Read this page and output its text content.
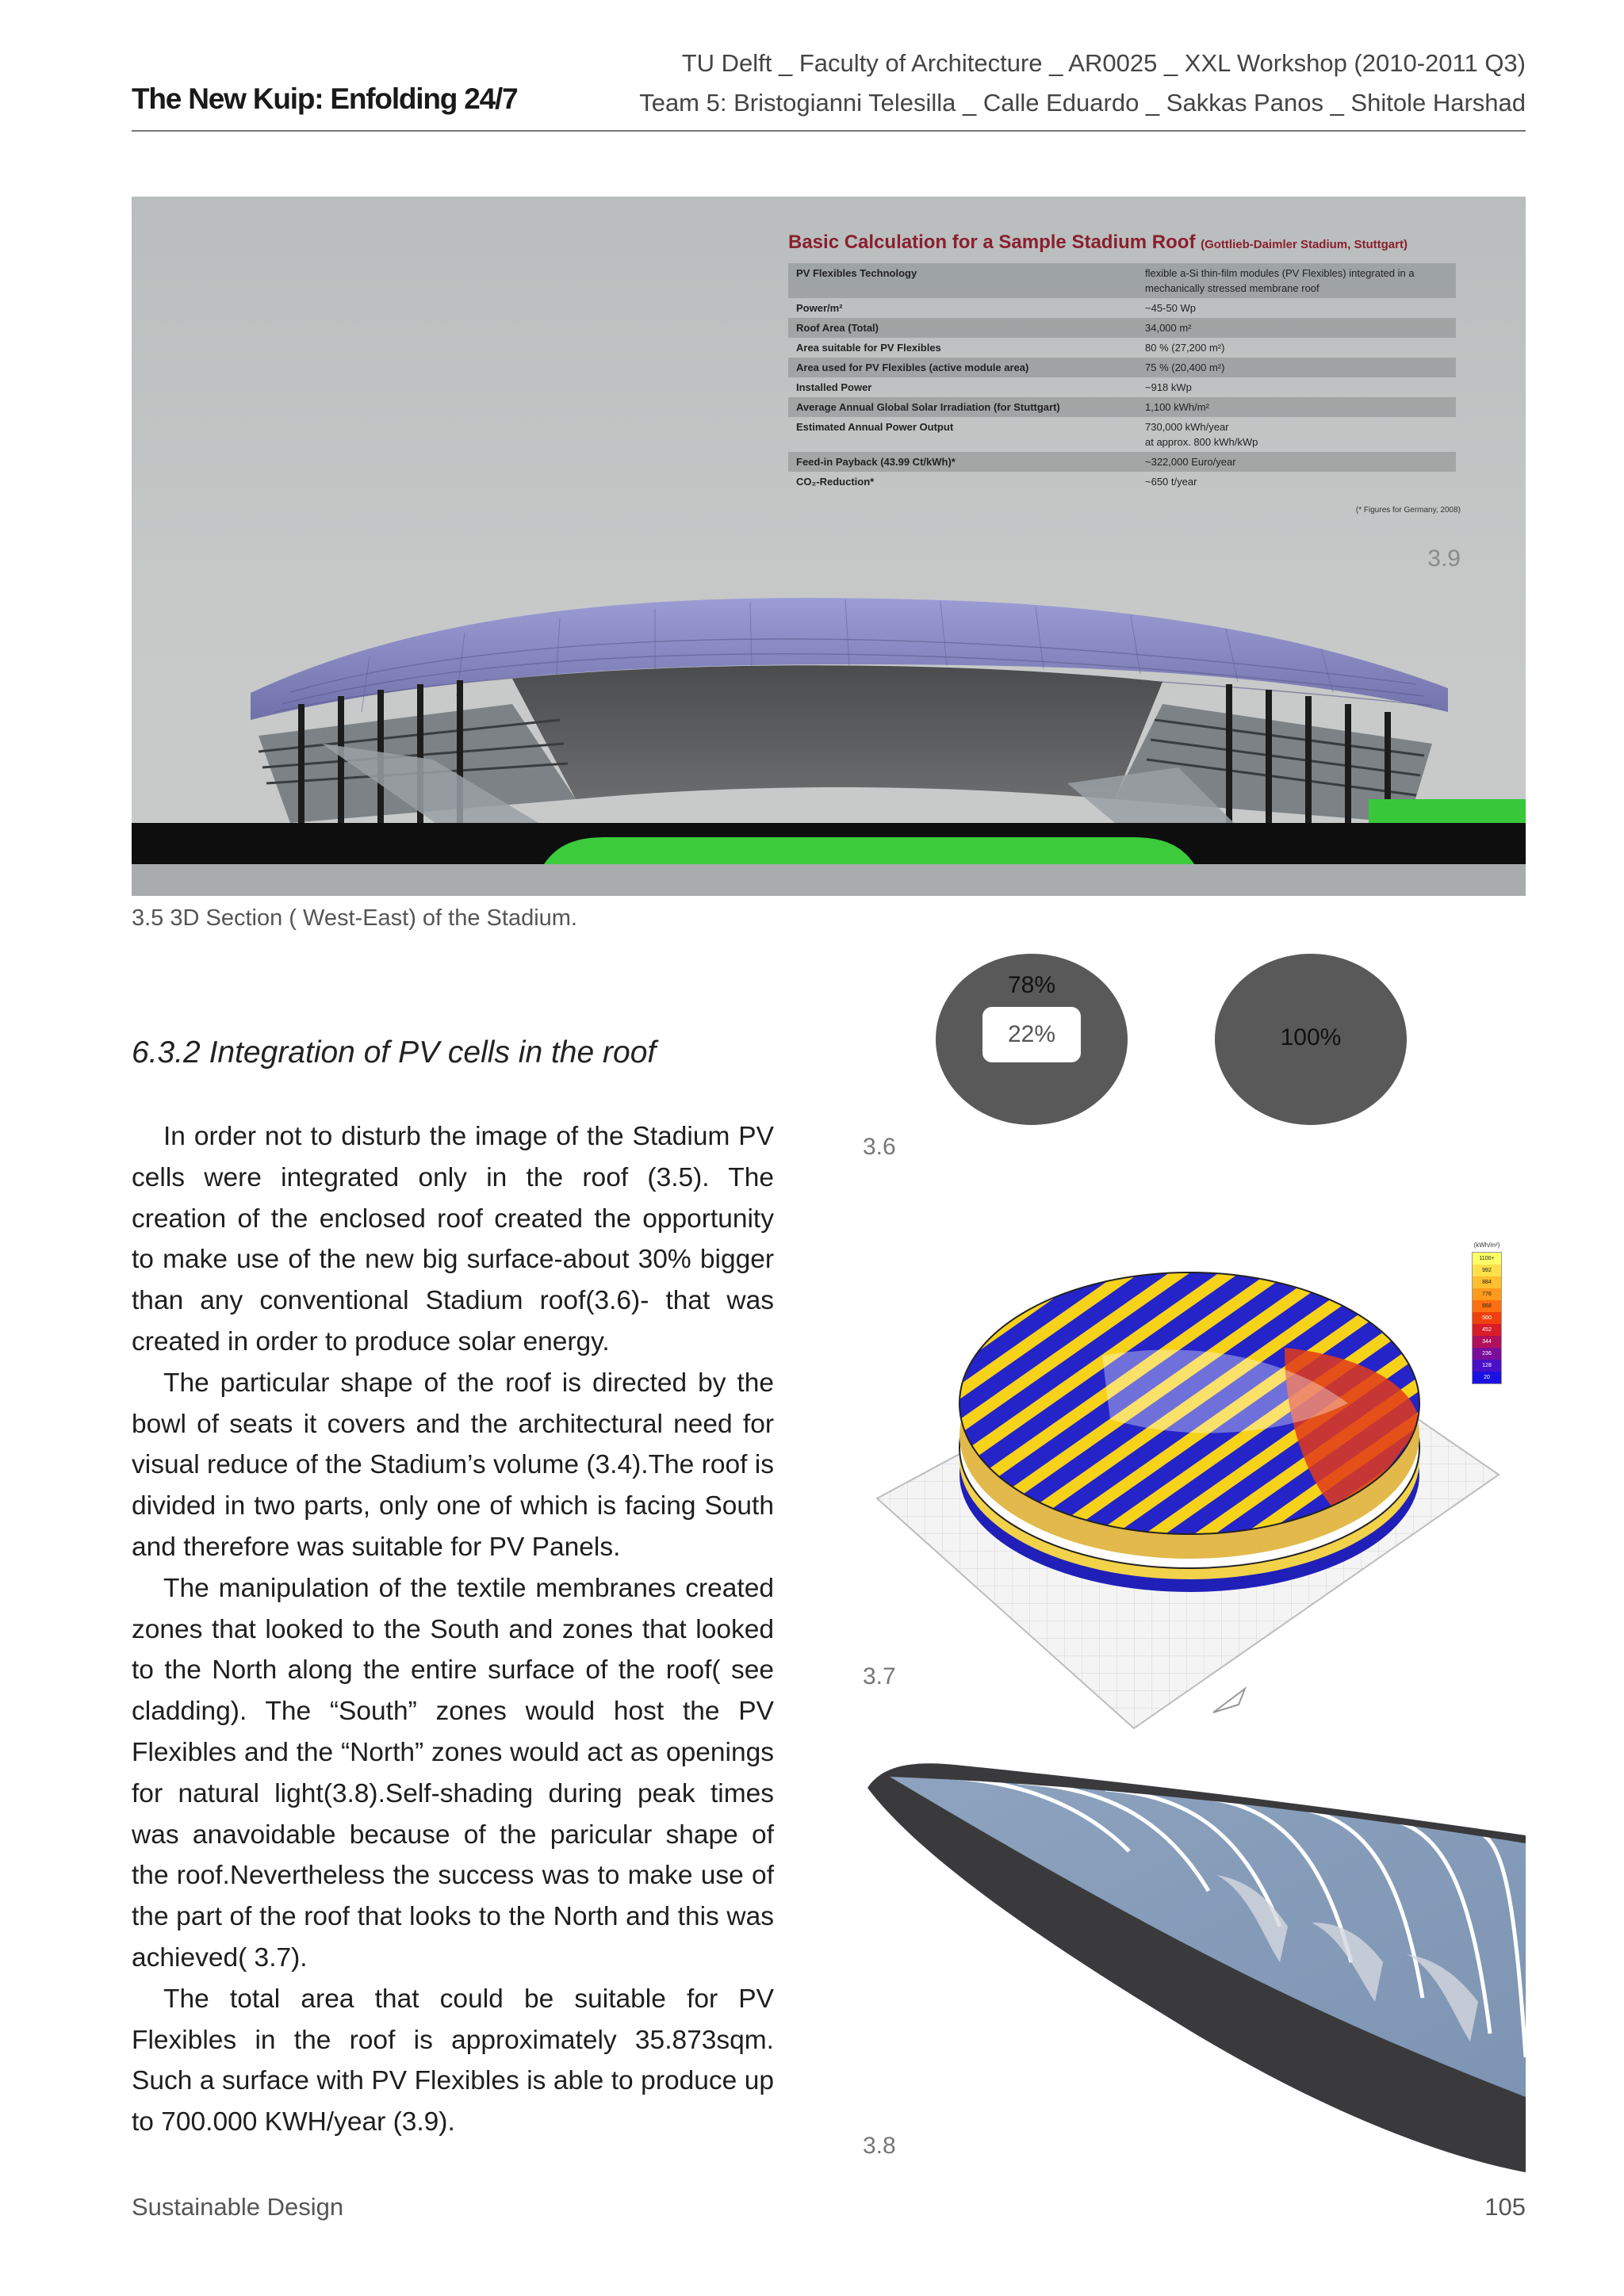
The New Kuip: Enfolding 24/7
TU Delft _ Faculty of Architecture _ AR0025 _ XXL Workshop (2010-2011 Q3)
Team 5: Bristogianni Telesilla _ Calle Eduardo _ Sakkas Panos _ Shitole Harshad
Basic Calculation for a Sample Stadium Roof (Gottlieb-Daimler Stadium, Stuttgart)
PV Flexibles Technology	flexible a-Si thin-film modules (PV Flexibles) integrated in a
mechanically stressed membrane roof
Power/m²	~45-50 Wp
Roof Area (Total)	34,000 m²
Area suitable for PV Flexibles	80 % (27,200 m²)
Area used for PV Flexibles (active module area)	75 % (20,400 m²)
Installed Power	~918 kWp
Average Annual Global Solar Irradiation (for Stuttgart)	1,100 kWh/m²
Estimated Annual Power Output	730,000 kWh/year
at approx. 800 kWh/kWp
Feed-in Payback (43.99 Ct/kWh)*	~322,000 Euro/year
CO₂-Reduction*	~650 t/year
(* Figures for Germany, 2008)
3.9
3.5 3D Section ( West-East) of the Stadium.
6.3.2 Integration of PV cells in the roof

In order not to disturb the image of the Stadium PV cells were integrated only in the roof (3.5). The creation of the enclosed roof created the opportunity to make use of the new big surface-about 30% bigger than any conventional Stadium roof(3.6)- that was created in order to produce solar energy.

The particular shape of the roof is directed by the bowl of seats it covers and the architectural need for visual reduce of the Stadium’s volume (3.4).The roof is divided in two parts, only one of which is facing South and therefore was suitable for PV Panels.

The manipulation of the textile membranes created zones that looked to the South and zones that looked to the North along the entire surface of the roof( see cladding). The “South” zones would host the PV Flexibles and the “North” zones would act as openings for natural light(3.8).Self-shading during peak times was anavoidable because of the paricular shape of the roof.Nevertheless the success was to make use of the part of the roof that looks to the North and this was achieved( 3.7).

The total area that could be suitable for PV Flexibles in the roof is approximately 35.873sqm. Such a surface with PV Flexibles is able to produce up to 700.000 KWH/year (3.9).

78%
22%	100%
3.6
3.7
(kWh/m²)
1100+
992
884
776
668
560
452
344
236
128
20
3.8
Sustainable Design	105
